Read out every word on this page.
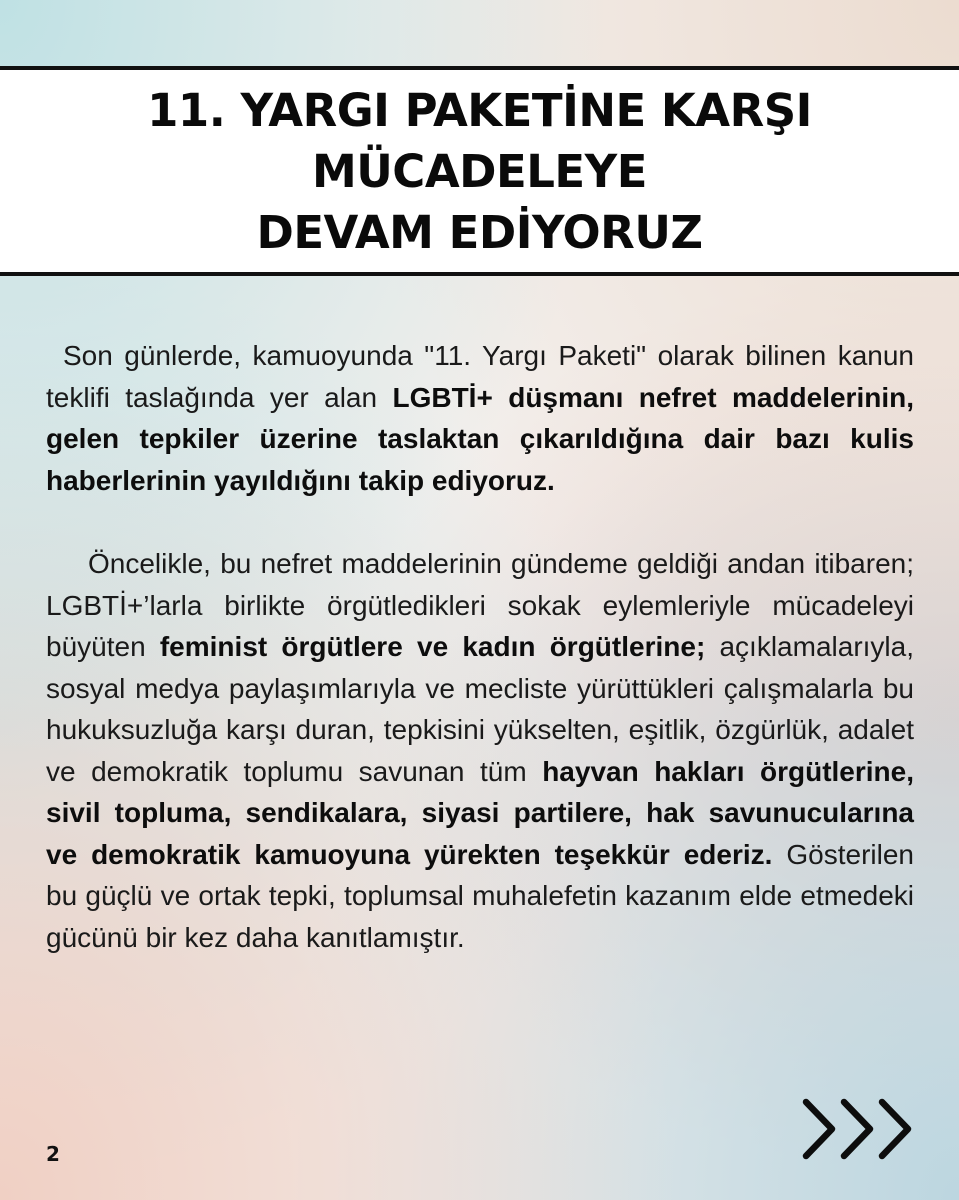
11. YARGI PAKETİNE KARŞI
MÜCADELEYE
DEVAM EDİYORUZ

Son günlerde, kamuoyunda "11. Yargı Paketi" olarak bilinen kanun teklifi taslağında yer alan LGBTİ+ düşmanı nefret maddelerinin, gelen tepkiler üzerine taslaktan çıkarıldığına dair bazı kulis haberlerinin yayıldığını takip ediyoruz.

Öncelikle, bu nefret maddelerinin gündeme geldiği andan itibaren; LGBTİ+’larla birlikte örgütledikleri sokak eylemleriyle mücadeleyi büyüten feminist örgütlere ve kadın örgütlerine; açıklamalarıyla, sosyal medya paylaşımlarıyla ve mecliste yürüttükleri çalışmalarla bu hukuksuzluğa karşı duran, tepkisini yükselten, eşitlik, özgürlük, adalet ve demokratik toplumu savunan tüm hayvan hakları örgütlerine, sivil topluma, sendikalara, siyasi partilere, hak savunucularına ve demokratik kamuoyuna yürekten teşekkür ederiz. Gösterilen bu güçlü ve ortak tepki, toplumsal muhalefetin kazanım elde etmedeki gücünü bir kez daha kanıtlamıştır.

2
